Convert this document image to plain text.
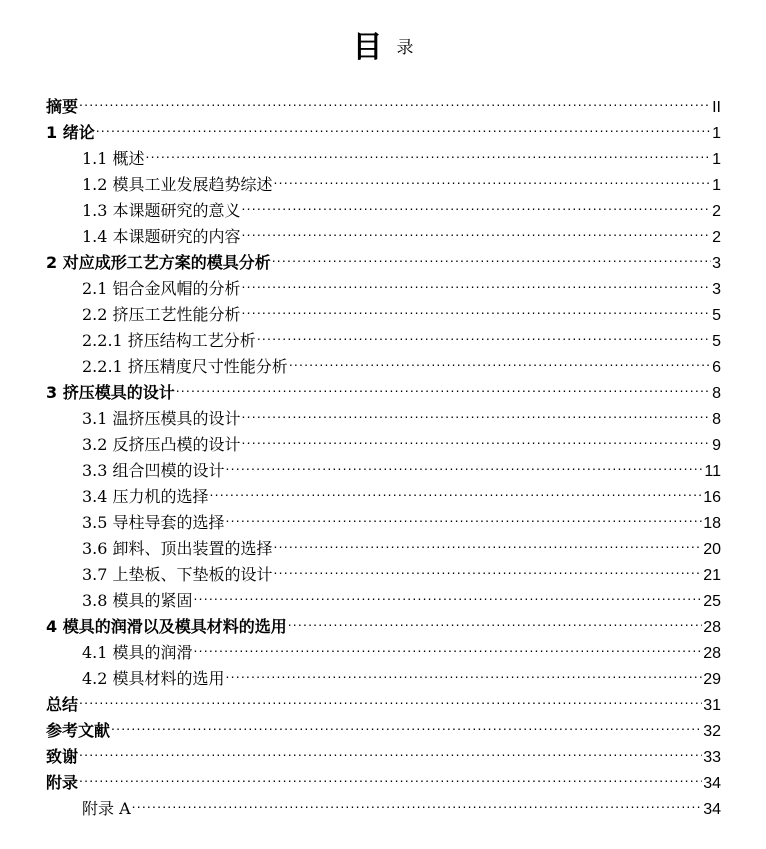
目录
摘要 .....	II
1 绪论 .....	1
1.1 概述 .....	1
1.2 模具工业发展趋势综述 .....	1
1.3 本课题研究的意义 .....	2
1.4 本课题研究的内容 .....	2
2 对应成形工艺方案的模具分析 .....	3
2.1 铝合金风帽的分析 .....	3
2.2 挤压工艺性能分析 .....	5
2.2.1 挤压结构工艺分析 .....	5
2.2.1 挤压精度尺寸性能分析 .....	6
3 挤压模具的设计 .....	8
3.1 温挤压模具的设计 .....	8
3.2 反挤压凸模的设计 .....	9
3.3 组合凹模的设计 .....	11
3.4 压力机的选择 .....	16
3.5 导柱导套的选择 .....	18
3.6 卸料、顶出装置的选择 .....	20
3.7 上垫板、下垫板的设计 .....	21
3.8 模具的紧固 .....	25
4 模具的润滑以及模具材料的选用 .....	28
4.1 模具的润滑 .....	28
4.2 模具材料的选用 .....	29
总结 .....	31
参考文献 .....	32
致谢 .....	33
附录 .....	34
附录 A .....	34
